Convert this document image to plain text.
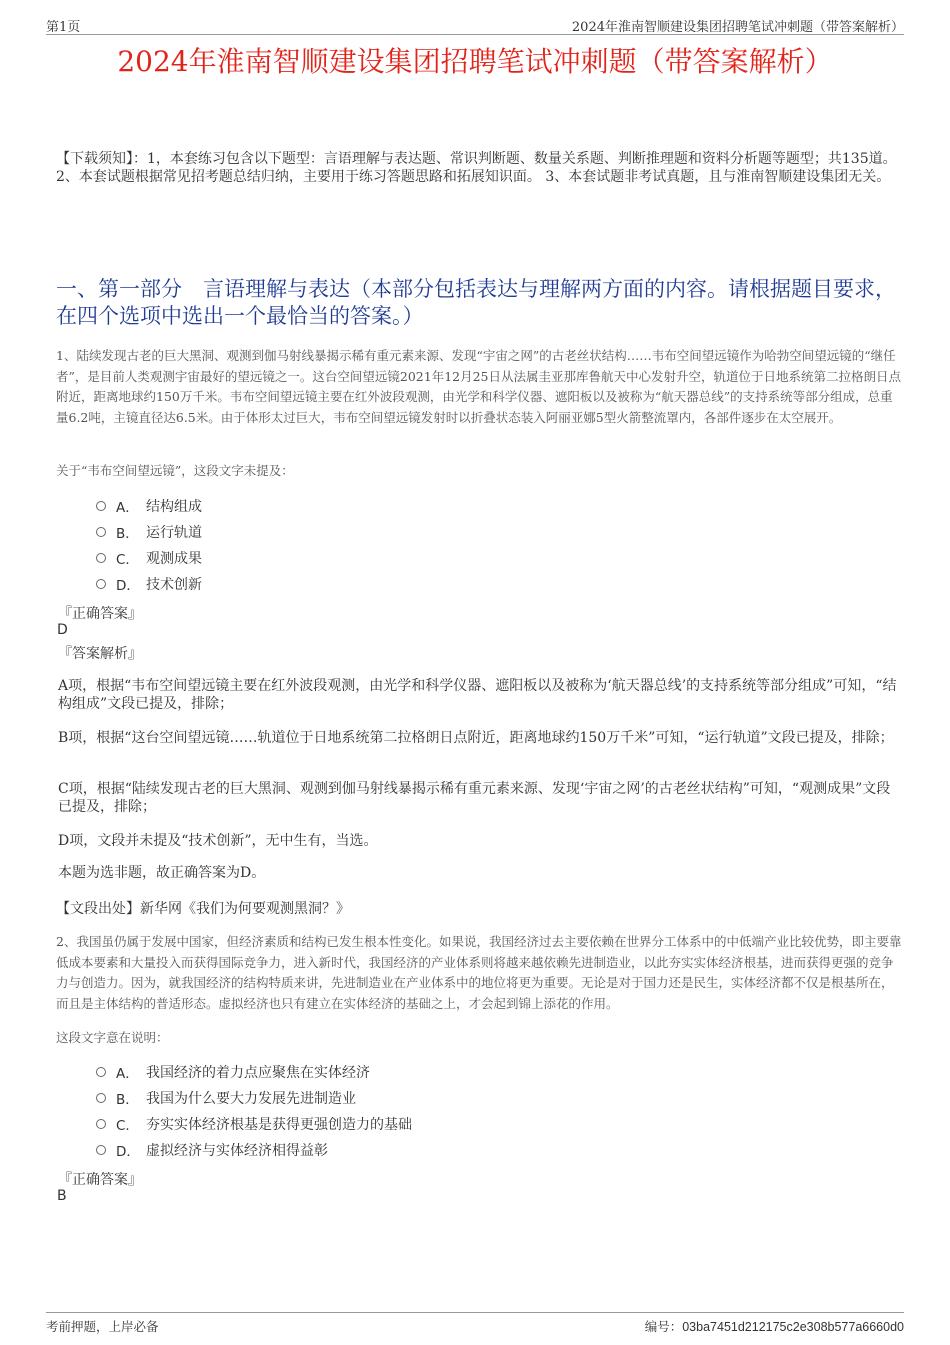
第1页	2024年淮南智顺建设集团招聘笔试冲刺题（带答案解析）
2024年淮南智顺建设集团招聘笔试冲刺题（带答案解析）

【下载须知】：1，本套练习包含以下题型：言语理解与表达题、常识判断题、数量关系题、判断推理题和资料分析题等题型；共135道。 2、本套试题根据常见招考题总结归纳，主要用于练习答题思路和拓展知识面。 3、本套试题非考试真题，且与淮南智顺建设集团无关。

一、第一部分　言语理解与表达（本部分包括表达与理解两方面的内容。请根据题目要求，在四个选项中选出一个最恰当的答案。）

1、陆续发现古老的巨大黑洞、观测到伽马射线暴揭示稀有重元素来源、发现“宇宙之网”的古老丝状结构……韦布空间望远镜作为哈勃空间望远镜的“继任者”，是目前人类观测宇宙最好的望远镜之一。这台空间望远镜2021年12月25日从法属圭亚那库鲁航天中心发射升空，轨道位于日地系统第二拉格朗日点附近，距离地球约150万千米。韦布空间望远镜主要在红外波段观测，由光学和科学仪器、遮阳板以及被称为“航天器总线”的支持系统等部分组成，总重量6.2吨，主镜直径达6.5米。由于体形太过巨大，韦布空间望远镜发射时以折叠状态装入阿丽亚娜5型火箭整流罩内，各部件逐步在太空展开。

关于“韦布空间望远镜”，这段文字未提及：

A． 结构组成
B． 运行轨道
C． 观测成果
D． 技术创新

『正确答案』

D

『答案解析』

A项，根据“韦布空间望远镜主要在红外波段观测，由光学和科学仪器、遮阳板以及被称为‘航天器总线’的支持系统等部分组成”可知，“结构组成”文段已提及，排除；

B项，根据“这台空间望远镜……轨道位于日地系统第二拉格朗日点附近，距离地球约150万千米”可知，“运行轨道”文段已提及，排除；

C项，根据“陆续发现古老的巨大黑洞、观测到伽马射线暴揭示稀有重元素来源、发现‘宇宙之网’的古老丝状结构”可知，“观测成果”文段已提及，排除；

D项，文段并未提及“技术创新”，无中生有，当选。

本题为选非题，故正确答案为D。

【文段出处】新华网《我们为何要观测黑洞？》

2、我国虽仍属于发展中国家，但经济素质和结构已发生根本性变化。如果说，我国经济过去主要依赖在世界分工体系中的中低端产业比较优势，即主要靠低成本要素和大量投入而获得国际竞争力，进入新时代，我国经济的产业体系则将越来越依赖先进制造业，以此夯实实体经济根基，进而获得更强的竞争力与创造力。因为，就我国经济的结构特质来讲，先进制造业在产业体系中的地位将更为重要。无论是对于国力还是民生，实体经济都不仅是根基所在，而且是主体结构的普适形态。虚拟经济也只有建立在实体经济的基础之上，才会起到锦上添花的作用。

这段文字意在说明：

A． 我国经济的着力点应聚焦在实体经济
B． 我国为什么要大力发展先进制造业
C． 夯实实体经济根基是获得更强创造力的基础
D． 虚拟经济与实体经济相得益彰

『正确答案』

B

考前押题，上岸必备	编号：03ba7451d212175c2e308b577a6660d0
